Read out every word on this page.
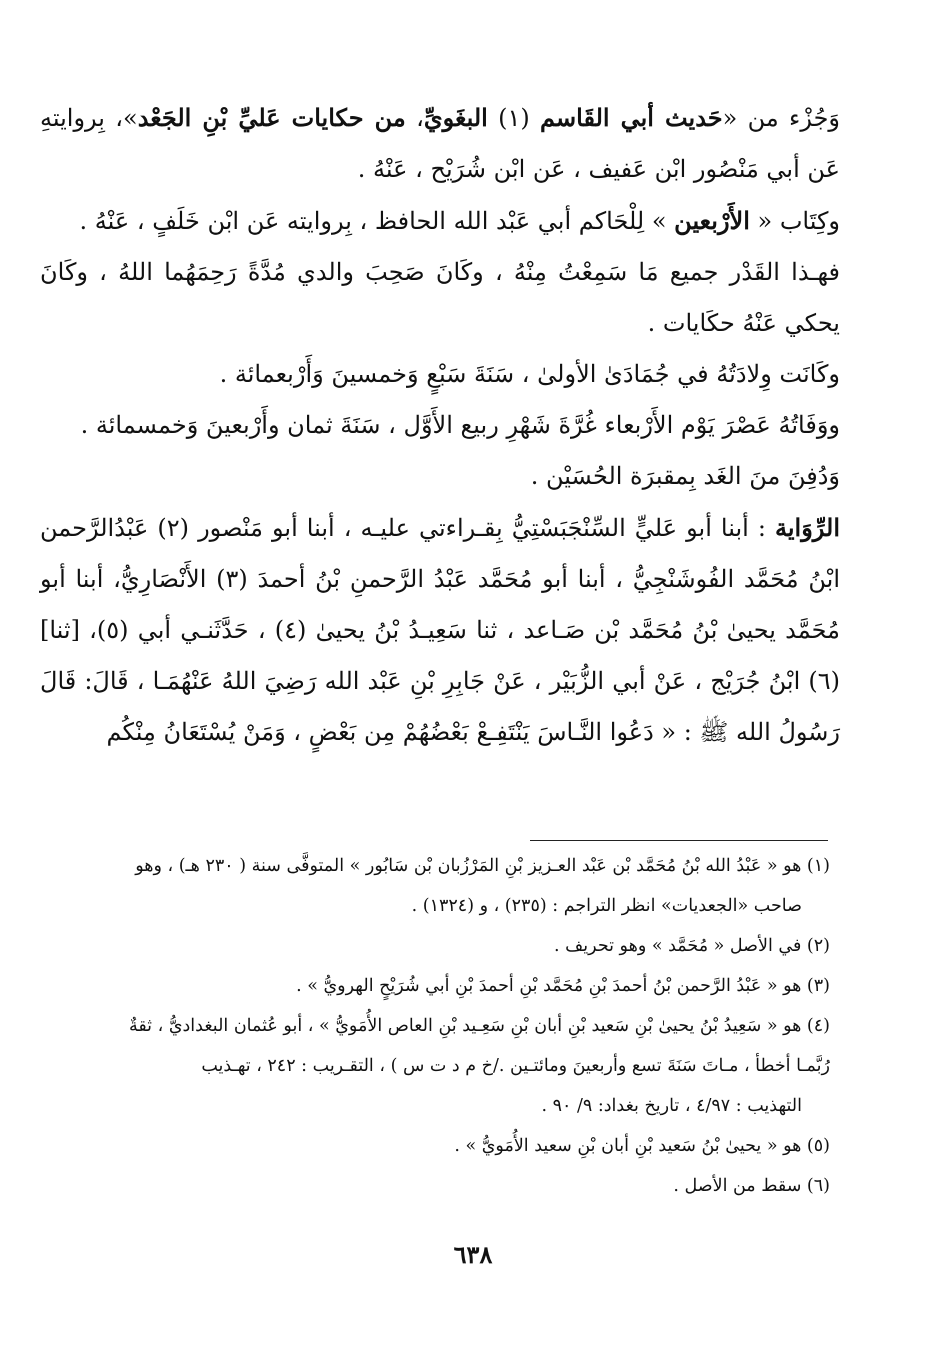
وَجُزْء من «حَديث أبي القَاسم (١) البغَويِّ، من حكايات عَليِّ بْنِ الجَعْد»، بِروايتهِ عَن أبي مَنْصُور ابْن عَفيف ، عَن ابْن شُرَيْح ، عَنْهُ .

وكِتَاب « الأَرْبعين » لِلْحَاكم أبي عَبْد الله الحافظ ، بِروايته عَن ابْن خَلَفٍ ، عَنْهُ .

فهـذا القَدْر جميع مَا سَمِعْتُ مِنْهُ ، وكَانَ صَحِبَ والدي مُدَّةً رَحِمَهُما اللهُ ، وكَانَ يحكي عَنْهُ حكَايات .

وكَانَت وِلادَتُهُ في جُمَادَىٰ الأولىٰ ، سَنَةَ سَبْعٍ وَخمسينَ وَأَرْبعمائة .

ووَفَاتُهُ عَصْرَ يَوْم الأَرْبعاء غُرَّةَ شَهْرِ ربيع الأَوَّل ، سَنَةَ ثمان وأَرْبعينَ وَخمسمائة .

وَدُفِنَ منَ الغَد بِمقبرَة الحُسَيْن .

الرِّوَاية : أبنا أبو عَليٍّ السِّنْجَبَسْتِيُّ بِقـراءتي عليـه ، أبنا أبو مَنْصور (٢) عَبْدُالرَّحمن ابْنُ مُحَمَّد الفُوشَنْجِيُّ ، أبنا أبو مُحَمَّد عَبْدُ الرَّحمنِ بْنُ أحمدَ (٣) الأَنْصَارِيُّ، أبنا أبو مُحَمَّد يحيىٰ بْنُ مُحَمَّد بْن صَـاعد ، ثنا سَعِيـدُ بْنُ يحيىٰ (٤) ، حَدَّثَنـي أبي (٥)، [ثنا](٦) ابْنُ جُرَيْج ، عَنْ أبي الزُّبَيْر ، عَنْ جَابِرِ بْنِ عَبْد الله رَضِيَ اللهُ عَنْهُمَـا ، قَالَ: قَالَ رَسُولُ الله ﷺ : « دَعُوا النَّـاسَ يَنْتَفِـعْ بَعْضُهُمْ مِن بَعْضٍ ، وَمَنْ يُسْتَعَانُ مِنْكُم

(١) هو « عَبْدُ الله بْنُ مُحَمَّد بْن عَبْد العـزيز بْنِ المَرْزُبان بْن سَابُور » المتوفَّى سنة ( ٢٣٠ هـ) ، وهو

صاحب «الجعديات» انظر التراجم : (٢٣٥) ، و (١٣٢٤) .

(٢) في الأصل « مُحَمَّد » وهو تحريف .

(٣) هو « عَبْدُ الرَّحمن بْنُ أحمدَ بْنِ مُحَمَّد بْنِ أحمدَ بْنِ أبي شُرَيْحٍ الهرويُّ » .

(٤) هو « سَعِيدُ بْنُ يحيىٰ بْنِ سَعيد بْنِ أبان بْنِ سَعِـيد بْنِ العاص الأُمَويُّ » ، أبو عُثمان البغداديُّ ، ثقةٌ

رُبَّمـا أخطأ ، مـاتَ سَنَةَ تسع وأربعينَ ومائتـين ./خ م د ت س ) ، التقـريب : ٢٤٢ ، تهـذيب

التهذيب : ٤/٩٧ ، تاريخ بغداد: ٩/ ٩٠ .

(٥) هو « يحيىٰ بْنُ سَعيد بْنِ أبان بْنِ سعيد الأُمَويُّ » .

(٦) سقط من الأصل .

٦٣٨
